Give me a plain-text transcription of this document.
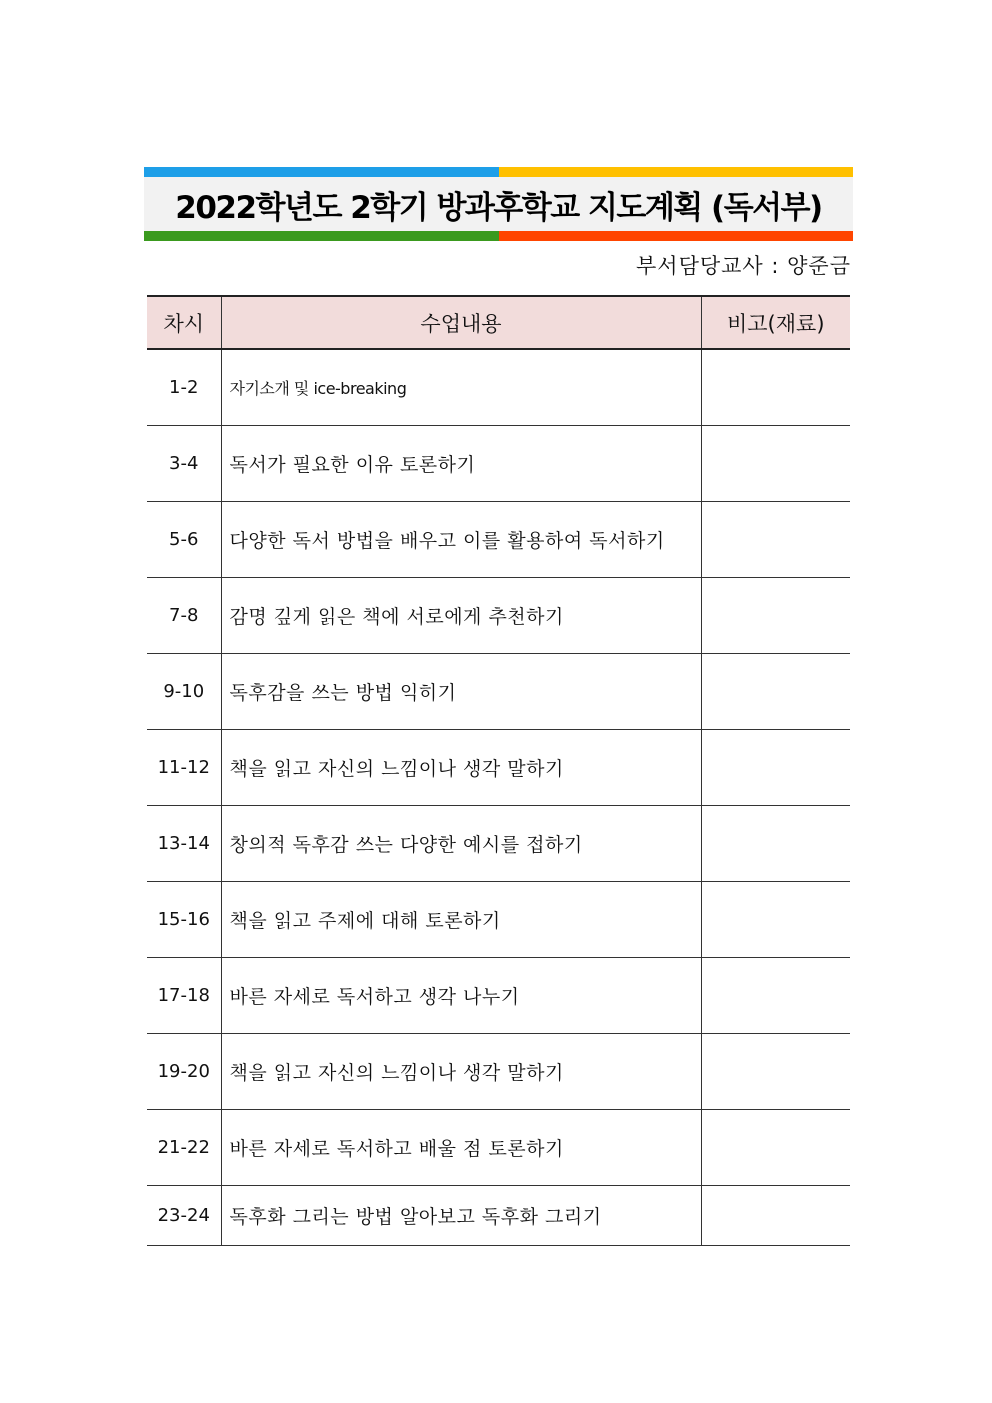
2022학년도 2학기 방과후학교 지도계획 (독서부)
부서담당교사 : 양준금
차시	수업내용	비고(재료)
1-2	자기소개 및 ice-breaking	
3-4	독서가 필요한 이유 토론하기	
5-6	다양한 독서 방법을 배우고 이를 활용하여 독서하기	
7-8	감명 깊게 읽은 책에 서로에게 추천하기	
9-10	독후감을 쓰는 방법 익히기	
11-12	책을 읽고 자신의 느낌이나 생각 말하기	
13-14	창의적 독후감 쓰는 다양한 예시를 접하기	
15-16	책을 읽고 주제에 대해 토론하기	
17-18	바른 자세로 독서하고 생각 나누기	
19-20	책을 읽고 자신의 느낌이나 생각 말하기	
21-22	바른 자세로 독서하고 배울 점 토론하기	
23-24	독후화 그리는 방법 알아보고 독후화 그리기	
